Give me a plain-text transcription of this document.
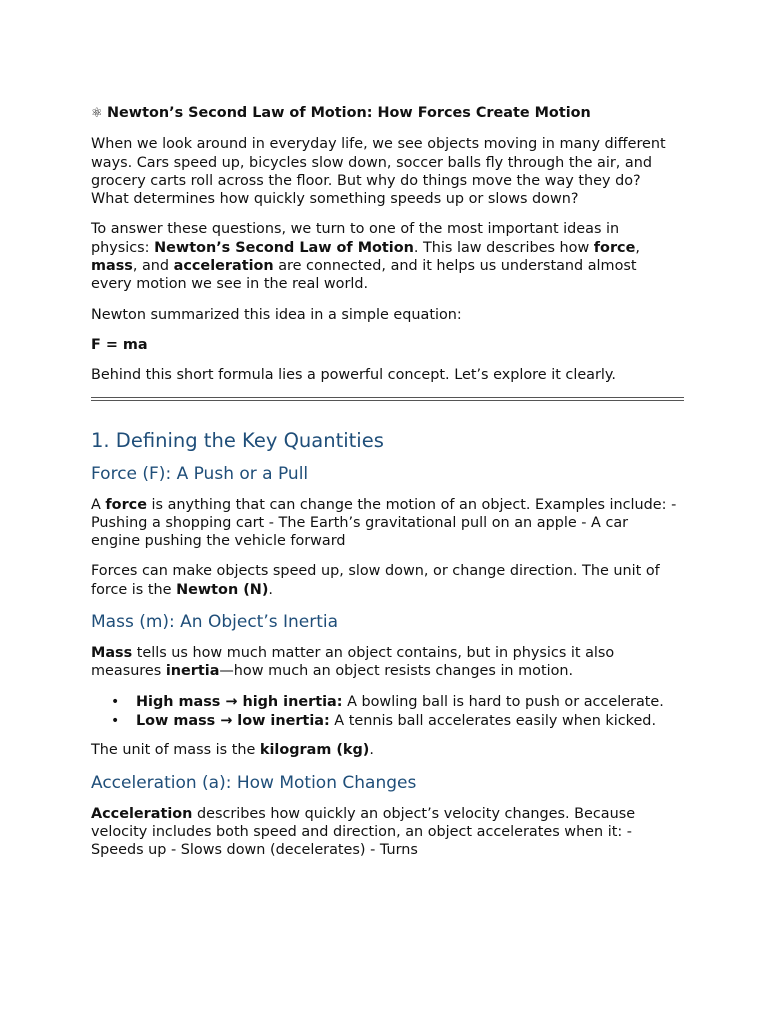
⚛ Newton’s Second Law of Motion: How Forces Create Motion

When we look around in everyday life, we see objects moving in many different ways. Cars speed up, bicycles slow down, soccer balls fly through the air, and grocery carts roll across the floor. But why do things move the way they do? What determines how quickly something speeds up or slows down?

To answer these questions, we turn to one of the most important ideas in physics: Newton’s Second Law of Motion. This law describes how force, mass, and acceleration are connected, and it helps us understand almost every motion we see in the real world.

Newton summarized this idea in a simple equation:

F = ma

Behind this short formula lies a powerful concept. Let’s explore it clearly.

1. Defining the Key Quantities
Force (F): A Push or a Pull

A force is anything that can change the motion of an object. Examples include: - Pushing a shopping cart - The Earth’s gravitational pull on an apple - A car engine pushing the vehicle forward

Forces can make objects speed up, slow down, or change direction. The unit of force is the Newton (N).

Mass (m): An Object’s Inertia

Mass tells us how much matter an object contains, but in physics it also measures inertia—how much an object resists changes in motion.

• High mass → high inertia: A bowling ball is hard to push or accelerate.
• Low mass → low inertia: A tennis ball accelerates easily when kicked.

The unit of mass is the kilogram (kg).

Acceleration (a): How Motion Changes

Acceleration describes how quickly an object’s velocity changes. Because velocity includes both speed and direction, an object accelerates when it: - Speeds up - Slows down (decelerates) - Turns
